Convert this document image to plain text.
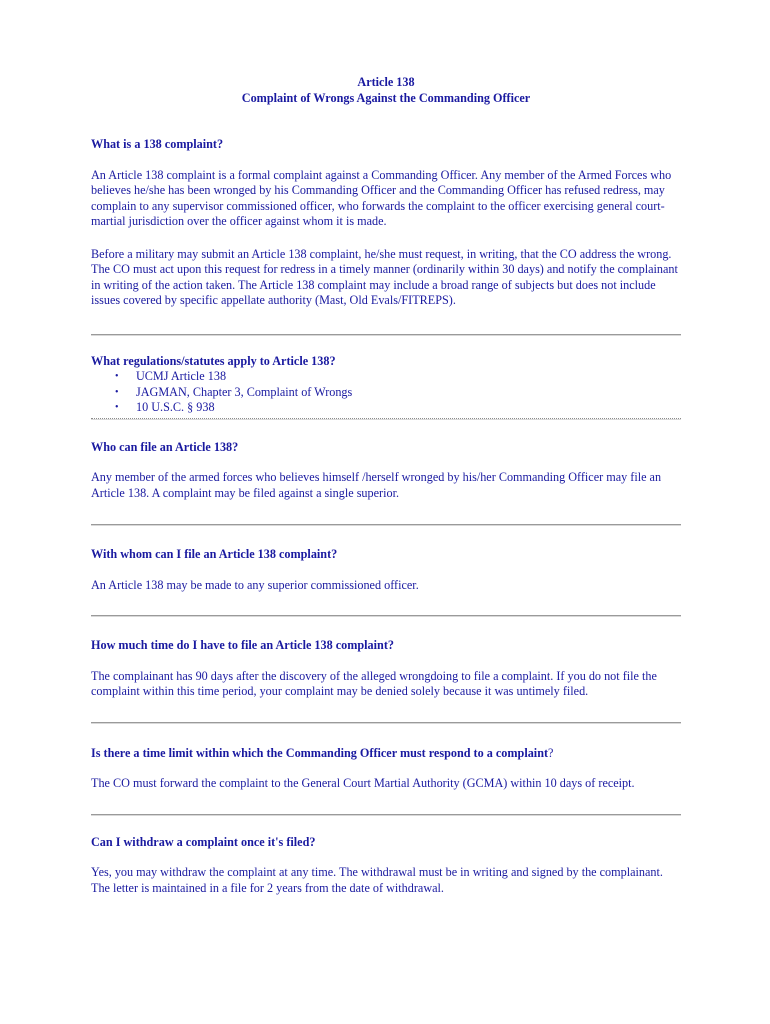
Article 138
Complaint of Wrongs Against the Commanding Officer

What is a 138 complaint?

An Article 138 complaint is a formal complaint against a Commanding Officer. Any member of the Armed Forces who believes he/she has been wronged by his Commanding Officer and the Commanding Officer has refused redress, may complain to any supervisor commissioned officer, who forwards the complaint to the officer exercising general court-martial jurisdiction over the officer against whom it is made.

Before a military may submit an Article 138 complaint, he/she must request, in writing, that the CO address the wrong. The CO must act upon this request for redress in a timely manner (ordinarily within 30 days) and notify the complainant in writing of the action taken. The Article 138 complaint may include a broad range of subjects but does not include issues covered by specific appellate authority (Mast, Old Evals/FITREPS).

What regulations/statutes apply to Article 138?

• UCMJ Article 138
• JAGMAN, Chapter 3, Complaint of Wrongs
• 10 U.S.C. § 938

Who can file an Article 138?

Any member of the armed forces who believes himself /herself wronged by his/her Commanding Officer may file an Article 138. A complaint may be filed against a single superior.

With whom can I file an Article 138 complaint?

An Article 138 may be made to any superior commissioned officer.

How much time do I have to file an Article 138 complaint?

The complainant has 90 days after the discovery of the alleged wrongdoing to file a complaint. If you do not file the complaint within this time period, your complaint may be denied solely because it was untimely filed.

Is there a time limit within which the Commanding Officer must respond to a complaint?

The CO must forward the complaint to the General Court Martial Authority (GCMA) within 10 days of receipt.

Can I withdraw a complaint once it's filed?

Yes, you may withdraw the complaint at any time. The withdrawal must be in writing and signed by the complainant. The letter is maintained in a file for 2 years from the date of withdrawal.
